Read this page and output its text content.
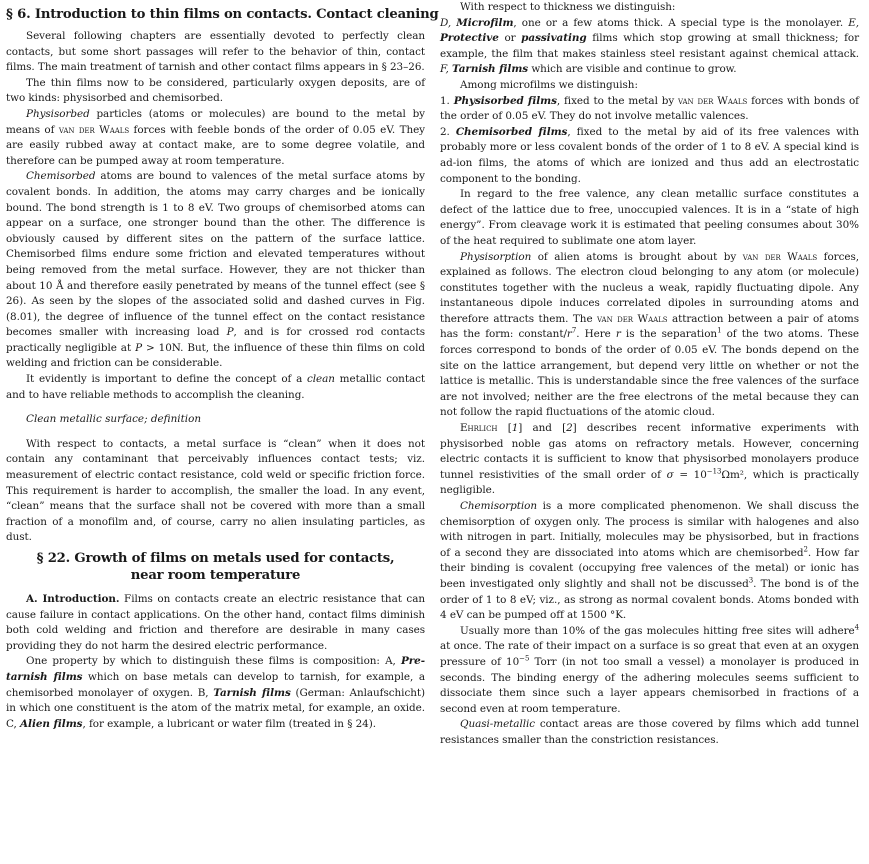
§ 6. Introduction to thin films on contacts. Contact cleaning

Several following chapters are essentially devoted to perfectly clean contacts, but some short passages will refer to the behavior of thin, contact films. The main treatment of tarnish and other contact films appears in § 23–26.

The thin films now to be considered, particularly oxygen deposits, are of two kinds: physisorbed and chemisorbed.

Physisorbed particles (atoms or molecules) are bound to the metal by means of van der Waals forces with feeble bonds of the order of 0.05 eV. They are easily rubbed away at contact make, are to some degree volatile, and therefore can be pumped away at room temperature.

Chemisorbed atoms are bound to valences of the metal surface atoms by covalent bonds. In addition, the atoms may carry charges and be ionically bound. The bond strength is 1 to 8 eV. Two groups of chemisorbed atoms can appear on a surface, one stronger bound than the other. The difference is obviously caused by different sites on the pattern of the surface lattice. Chemisorbed films endure some friction and elevated temperatures without being removed from the metal surface. However, they are not thicker than about 10 Å and therefore easily penetrated by means of the tunnel effect (see § 26). As seen by the slopes of the associated solid and dashed curves in Fig. (8.01), the degree of influence of the tunnel effect on the contact resistance becomes smaller with increasing load P, and is for crossed rod contacts practically negligible at P > 10N. But, the influence of these thin films on cold welding and friction can be considerable.

It evidently is important to define the concept of a clean metallic contact and to have reliable methods to accomplish the cleaning.

Clean metallic surface; definition

With respect to contacts, a metal surface is “clean” when it does not contain any contaminant that perceivably influences contact tests; viz. measurement of electric contact resistance, cold weld or specific friction force. This requirement is harder to accomplish, the smaller the load. In any event, “clean” means that the surface shall not be covered with more than a small fraction of a monofilm and, of course, carry no alien insulating particles, as dust.

§ 22. Growth of films on metals used for contacts,
near room temperature

A. Introduction. Films on contacts create an electric resistance that can cause failure in contact applications. On the other hand, contact films diminish both cold welding and friction and therefore are desirable in many cases providing they do not harm the desired electric performance.

One property by which to distinguish these films is composition: A, Pre-tarnish films which on base metals can develop to tarnish, for example, a chemisorbed monolayer of oxygen. B, Tarnish films (German: Anlaufschicht) in which one constituent is the atom of the matrix metal, for example, an oxide. C, Alien films, for example, a lubricant or water film (treated in § 24).

With respect to thickness we distinguish:

D, Microfilm, one or a few atoms thick. A special type is the monolayer. E, Protective or passivating films which stop growing at small thickness; for example, the film that makes stainless steel resistant against chemical attack. F, Tarnish films which are visible and continue to grow.

Among microfilms we distinguish:

1. Physisorbed films, fixed to the metal by van der Waals forces with bonds of the order of 0.05 eV. They do not involve metallic valences.

2. Chemisorbed films, fixed to the metal by aid of its free valences with probably more or less covalent bonds of the order of 1 to 8 eV. A special kind is ad-ion films, the atoms of which are ionized and thus add an electrostatic component to the bonding.

In regard to the free valence, any clean metallic surface constitutes a defect of the lattice due to free, unoccupied valences. It is in a “state of high energy”. From cleavage work it is estimated that peeling consumes about 30% of the heat required to sublimate one atom layer.

Physisorption of alien atoms is brought about by van der Waals forces, explained as follows. The electron cloud belonging to any atom (or molecule) constitutes together with the nucleus a weak, rapidly fluctuating dipole. Any instantaneous dipole induces correlated dipoles in surrounding atoms and therefore attracts them. The van der Waals attraction between a pair of atoms has the form: constant/$r^7$. Here r is the separation$^1$ of the two atoms. These forces correspond to bonds of the order of 0.05 eV. The bonds depend on the site on the lattice arrangement, but depend very little on whether or not the lattice is metallic. This is understandable since the free valences of the surface are not involved; neither are the free electrons of the metal because they can not follow the rapid fluctuations of the atomic cloud.

Ehrlich [1] and [2] describes recent informative experiments with physisorbed noble gas atoms on refractory metals. However, concerning electric contacts it is sufficient to know that physisorbed monolayers produce tunnel resistivities of the small order of $\sigma = 10^{-13}\Omega m^2$, which is practically negligible.

Chemisorption is a more complicated phenomenon. We shall discuss the chemisorption of oxygen only. The process is similar with halogenes and also with nitrogen in part. Initially, molecules may be physisorbed, but in fractions of a second they are dissociated into atoms which are chemisorbed$^2$. How far their binding is covalent (occupying free valences of the metal) or ionic has been investigated only slightly and shall not be discussed$^3$. The bond is of the order of 1 to 8 eV; viz., as strong as normal covalent bonds. Atoms bonded with 4 eV can be pumped off at 1500 °K.

Usually more than 10% of the gas molecules hitting free sites will adhere$^4$ at once. The rate of their impact on a surface is so great that even at an oxygen pressure of $10^{-5}$ Torr (in not too small a vessel) a monolayer is produced in seconds. The binding energy of the adhering molecules seems sufficient to dissociate them since such a layer appears chemisorbed in fractions of a second even at room temperature.

Quasi-metallic contact areas are those covered by films which add tunnel resistances smaller than the constriction resistances.
